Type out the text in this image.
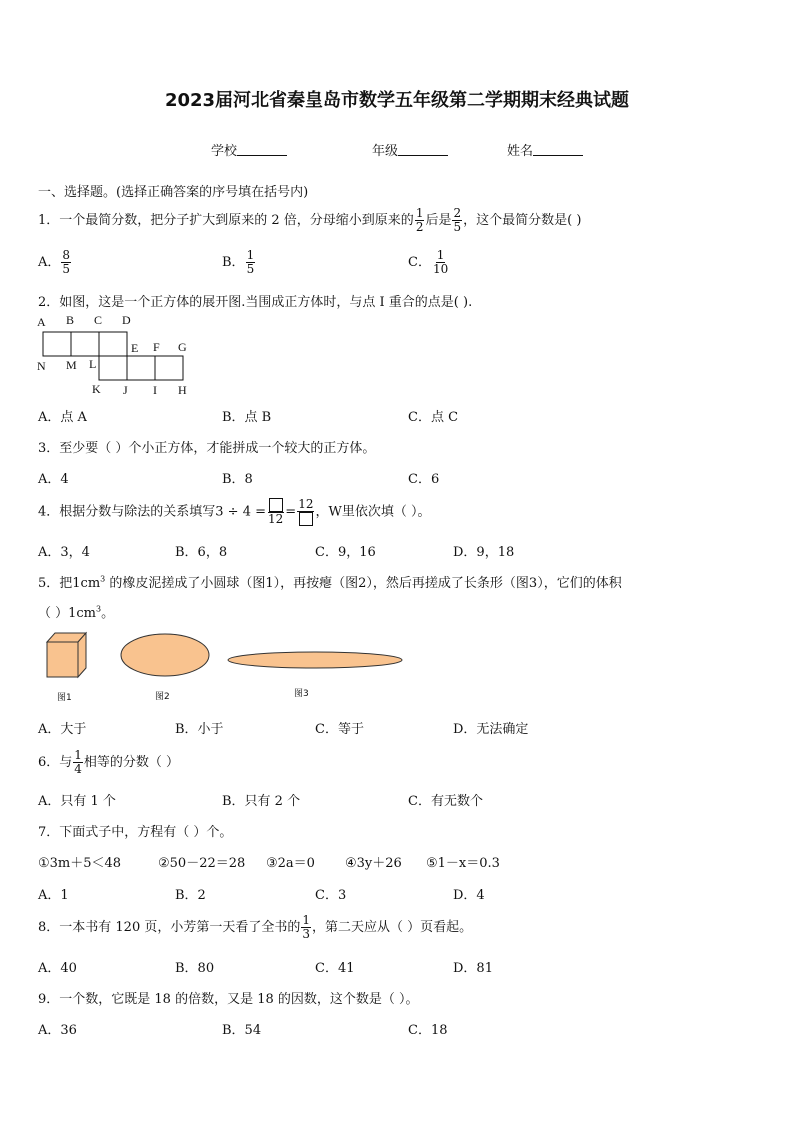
2023届河北省秦皇岛市数学五年级第二学期期末经典试题
学校	年级	姓名
一、选择题。(选择正确答案的序号填在括号内)
1．一个最简分数，把分子扩大到原来的 2 倍，分母缩小到原来的 $\frac{1}{2}$ 后是 $\frac{2}{5}$ ，这个最简分数是( )
A． $\frac{8}{5}$	B． $\frac{1}{5}$	C． $\frac{1}{10}$
2．如图，这是一个正方体的展开图.当围成正方体时，与点 I 重合的点是( ).
A B C D
E F G
N M L
K J I H
A．点 A	B．点 B	C．点 C
3．至少要（ ）个小正方体，才能拼成一个较大的正方体。
A．4	B．8	C．6
4．根据分数与除法的关系填写3 ÷ 4 = 12 =
12
，W里依次填（ ）。
A．3，4	B．6，8	C．9，16	D．9，18
5．把$1cm^3$ 的橡皮泥搓成了小圆球（图1），再按瘪（图2），然后再搓成了长条形（图3），它们的体积
（ ）$1cm^3$。
图1	图2	图3
A．大于	B．小于	C．等于	D．无法确定
6．与 $\frac{1}{4}$ 相等的分数（ ）
A．只有 1 个	B．只有 2 个	C．有无数个
7．下面式子中，方程有（ ）个。
①3m＋5＜48	②50－22＝28 ③2a＝0 ④3y＋26 ⑤1－x＝0.3
A．1	B．2	C．3	D．4
8．一本书有 120 页，小芳第一天看了全书的 $\frac{1}{3}$ ，第二天应从（ ）页看起。
A．40	B．80	C．41	D．81
9．一个数，它既是 18 的倍数，又是 18 的因数，这个数是（ ）。
A．36	B．54	C．18
